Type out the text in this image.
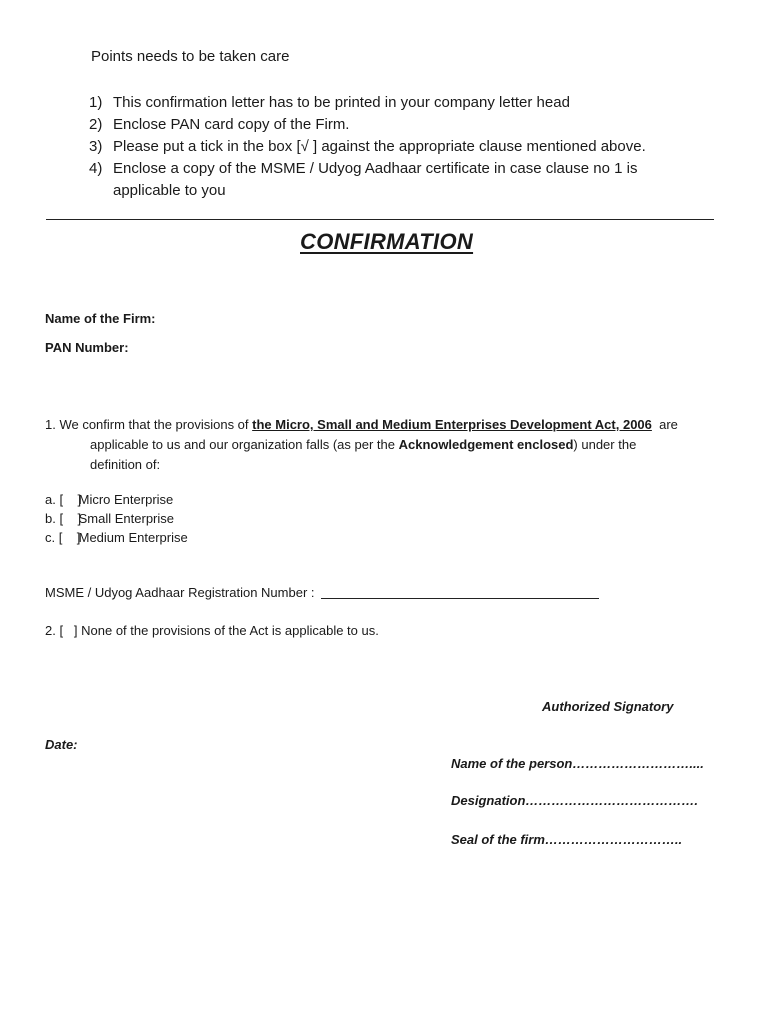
Points needs to be taken care
1) This confirmation letter has to be printed in your company letter head
2) Enclose PAN card copy of the Firm.
3) Please put a tick in the box [√ ] against the appropriate clause mentioned above.
4) Enclose a copy of the MSME / Udyog Aadhaar certificate in case clause no 1 is
applicable to you
CONFIRMATION
Name of the Firm:
PAN Number:
1. We confirm that the provisions of the Micro, Small and Medium Enterprises Development Act, 2006  are
applicable to us and our organization falls (as per the Acknowledgement enclosed) under the
definition of:
a. [    ] Micro Enterprise
b. [    ] Small Enterprise
c. [    ] Medium Enterprise
MSME / Udyog Aadhaar Registration Number :
2. [   ] None of the provisions of the Act is applicable to us.
Authorized Signatory
Date:
Name of the person………………………....
Designation………………………………….
Seal of the firm…………………………..
